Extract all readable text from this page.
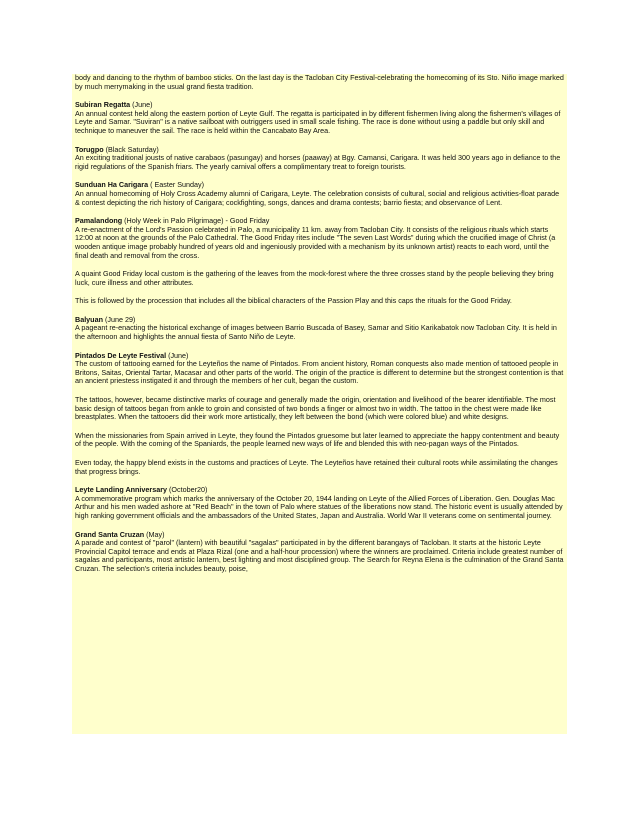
body and dancing to the rhythm of bamboo sticks. On the last day is the Tacloban City Festival-celebrating the homecoming of its Sto. Niño image marked by much merrymaking in the usual grand fiesta tradition.
Subiran Regatta (June)
An annual contest held along the eastern portion of Leyte Gulf. The regatta is participated in by different fishermen living along the fishermen's villages of Leyte and Samar. "Suviran" is a native sailboat with outriggers used in small scale fishing. The race is done without using a paddle but only skill and technique to maneuver the sail. The race is held within the Cancabato Bay Area.
Torugpo (Black Saturday)
An exciting traditional jousts of native carabaos (pasungay) and horses (paaway) at Bgy. Camansi, Carigara. It was held 300 years ago in defiance to the rigid regulations of the Spanish friars. The yearly carnival offers a complimentary treat to foreign tourists.
Sunduan Ha Carigara ( Easter Sunday)
An annual homecoming of Holy Cross Academy alumni of Carigara, Leyte. The celebration consists of cultural, social and religious activities-float parade & contest depicting the rich history of Carigara; cockfighting, songs, dances and drama contests; barrio fiesta; and observance of Lent.
Pamalandong (Holy Week in Palo Pilgrimage) - Good Friday
A re-enactment of the Lord's Passion celebrated in Palo, a municipality 11 km. away from Tacloban City. It consists of the religious rituals which starts 12:00 at noon at the grounds of the Palo Cathedral. The Good Friday rites include "The seven Last Words" during which the crucified image of Christ (a wooden antique image probably hundred of years old and ingeniously provided with a mechanism by its unknown artist) reacts to each word, until the final death and removal from the cross.
A quaint Good Friday local custom is the gathering of the leaves from the mock-forest where the three crosses stand by the people believing they bring luck, cure illness and other attributes.
This is followed by the procession that includes all the biblical characters of the Passion Play and this caps the rituals for the Good Friday.
Balyuan (June 29)
A pageant re-enacting the historical exchange of images between Barrio Buscada of Basey, Samar and Sitio Karikabatok now Tacloban City. It is held in the afternoon and highlights the annual fiesta of Santo Niño de Leyte.
Pintados De Leyte Festival (June)
The custom of tattooing earned for the Leyteños the name of Pintados. From ancient history, Roman conquests also made mention of tattooed people in Britons, Saitas, Oriental Tartar, Macasar and other parts of the world. The origin of the practice is different to determine but the strongest contention is that an ancient priestess instigated it and through the members of her cult, began the custom.
The tattoos, however, became distinctive marks of courage and generally made the origin, orientation and livelihood of the bearer identifiable. The most basic design of tattoos began from ankle to groin and consisted of two bonds a finger or almost two in width. The tattoo in the chest were made like breastplates. When the tattooers did their work more artistically, they left between the bond (which were colored blue) and white designs.
When the missionaries from Spain arrived in Leyte, they found the Pintados gruesome but later learned to appreciate the happy contentment and beauty of the people. With the coming of the Spaniards, the people learned new ways of life and blended this with neo-pagan ways of the Pintados.
Even today, the happy blend exists in the customs and practices of Leyte. The Leyteños have retained their cultural roots while assimilating the changes that progress brings.
Leyte Landing Anniversary (October20)
A commemorative program which marks the anniversary of the October 20, 1944 landing on Leyte of the Allied Forces of Liberation. Gen. Douglas Mac Arthur and his men waded ashore at "Red Beach" in the town of Palo where statues of the liberations now stand. The historic event is usually attended by high ranking government officials and the ambassadors of the United States, Japan and Australia. World War II veterans come on sentimental journey.
Grand Santa Cruzan (May)
A parade and contest of "parol" (lantern) with beautiful "sagalas" participated in by the different barangays of Tacloban. It starts at the historic Leyte Provincial Capitol terrace and ends at Plaza Rizal (one and a half-hour procession) where the winners are proclaimed. Criteria include greatest number of sagalas and participants, most artistic lantern, best lighting and most disciplined group. The Search for Reyna Elena is the culmination of the Grand Santa Cruzan. The selection's criteria includes beauty, poise,
